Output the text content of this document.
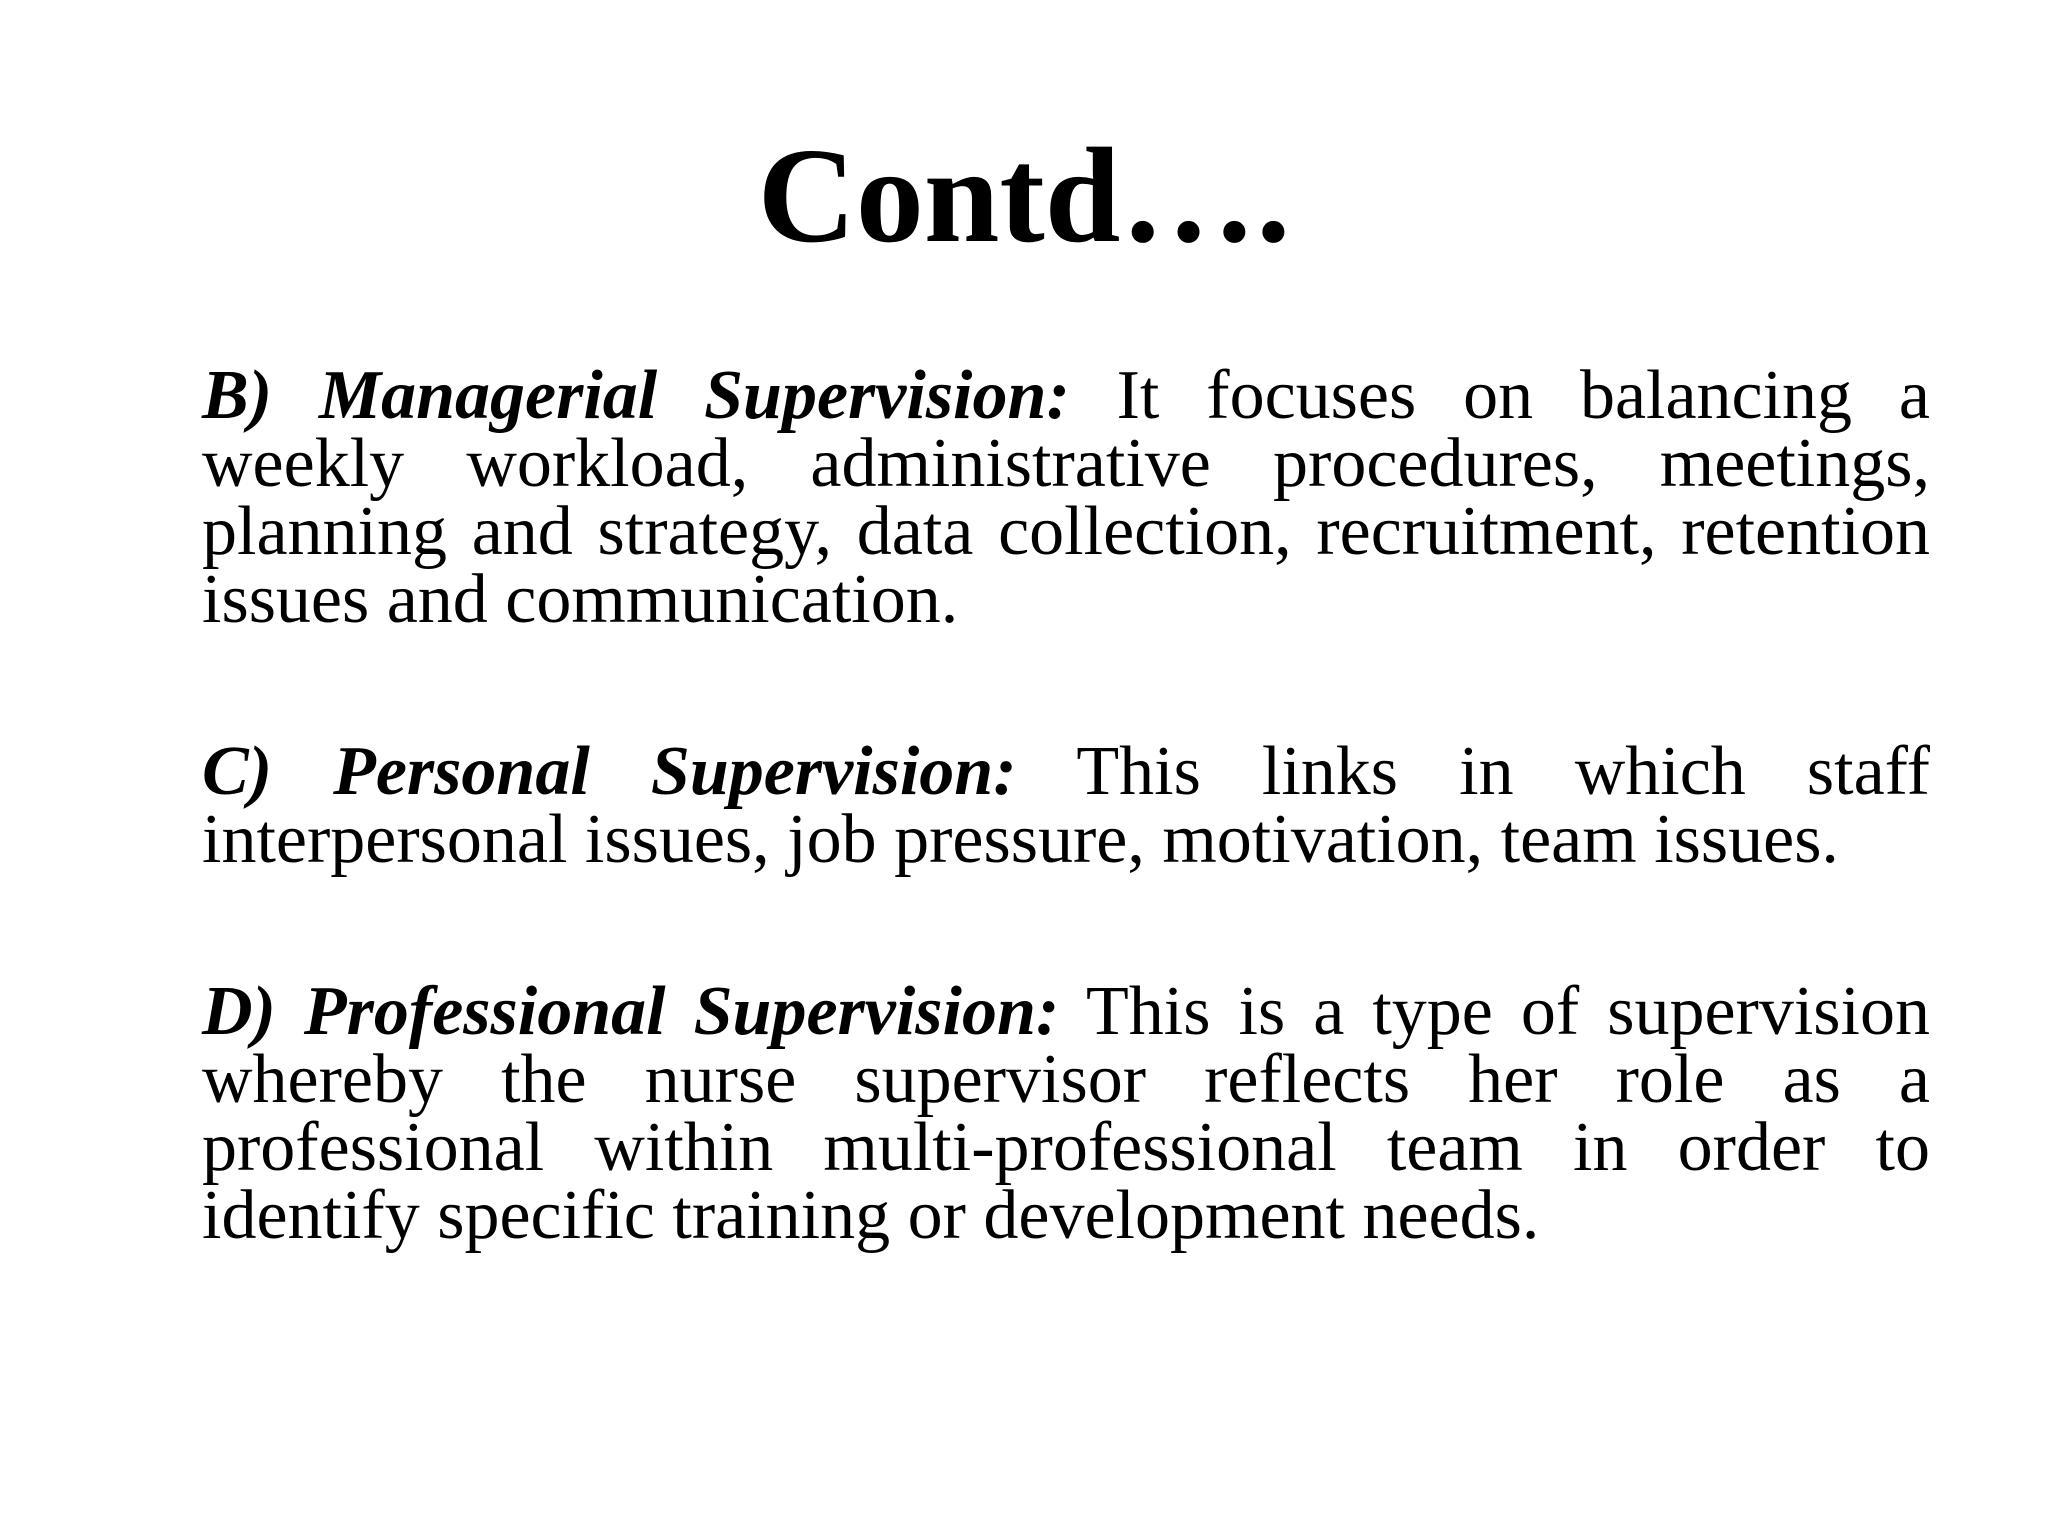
Contd….

B) Managerial Supervision: It focuses on balancing a weekly workload, administrative procedures, meetings, planning and strategy, data collection, recruitment, retention issues and communication.

C) Personal Supervision: This links in which staff interpersonal issues, job pressure, motivation, team issues.

D) Professional Supervision: This is a type of supervision whereby the nurse supervisor reflects her role as a professional within multi-professional team in order to identify specific training or development needs.
